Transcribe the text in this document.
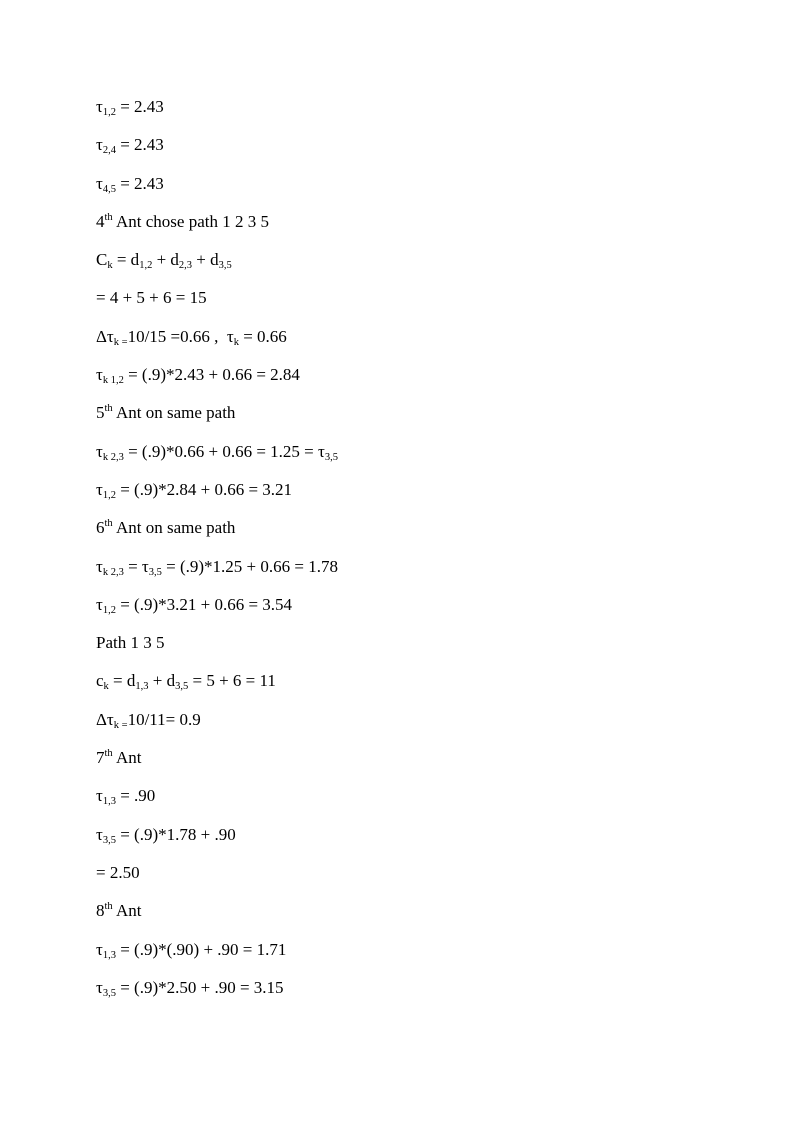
$\tau_{1,2} = 2.43$
$\tau_{2,4} = 2.43$
$\tau_{4,5} = 2.43$
4th Ant chose path 1 2 3 5
$C_k = d_{1,2} + d_{2,3} + d_{3,5}$
= 4 + 5 + 6 = 15
$\Delta\tau_{k =}10/15 =0.66$ ,  $\tau_k = 0.66$
$\tau_{k 1,2} = (.9)*2.43 + 0.66 = 2.84$
5th Ant on same path
$\tau_{k 2,3} = (.9)*0.66 + 0.66 = 1.25 = \tau_{3,5}$
$\tau_{1,2} = (.9)*2.84 + 0.66 = 3.21$
6th Ant on same path
$\tau_{k 2,3} = \tau_{3,5} = (.9)*1.25 + 0.66 = 1.78$
$\tau_{1,2} = (.9)*3.21 + 0.66 = 3.54$
Path 1 3 5
$c_k = d_{1,3} + d_{3,5} = 5 + 6 = 11$
$\Delta\tau_{k =}10/11= 0.9$
7th Ant
$\tau_{1,3} = .90$
$\tau_{3,5} = (.9)*1.78 + .90$
= 2.50
8th Ant
$\tau_{1,3} = (.9)*(.90) + .90 = 1.71$
$\tau_{3,5} = (.9)*2.50 + .90 = 3.15$
